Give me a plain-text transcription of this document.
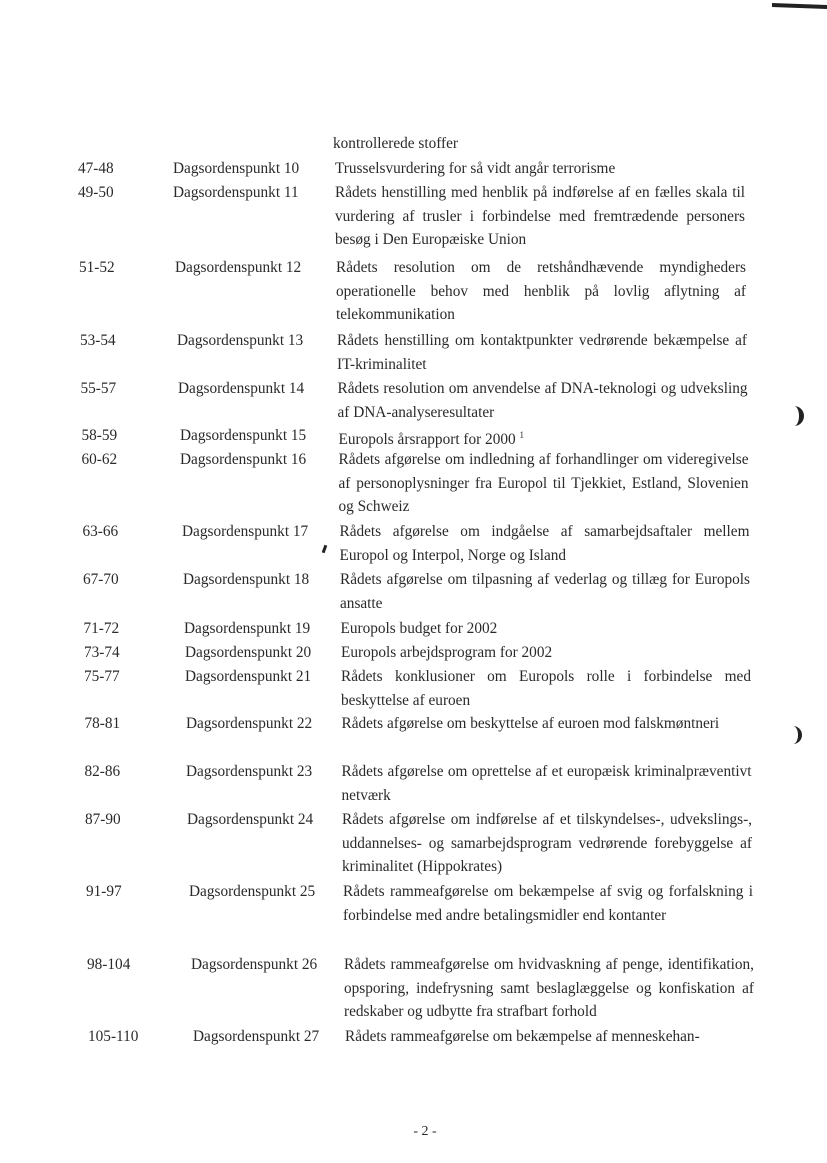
kontrollerede stoffer
47-48	Dagsordenspunkt 10	Trusselsvurdering for så vidt angår terrorisme
49-50	Dagsordenspunkt 11	Rådets henstilling med henblik på indførelse af en fælles skala til vurdering af trusler i forbindelse med fremtrædende personers besøg i Den Europæiske Union
51-52	Dagsordenspunkt 12	Rådets resolution om de retshåndhævende myndigheders operationelle behov med henblik på lovlig aflytning af telekommunikation
53-54	Dagsordenspunkt 13	Rådets henstilling om kontaktpunkter vedrørende bekæmpelse af IT-kriminalitet
55-57	Dagsordenspunkt 14	Rådets resolution om anvendelse af DNA-teknologi og udveksling af DNA-analyseresultater
58-59	Dagsordenspunkt 15	Europols årsrapport for 2000 $^1$
60-62	Dagsordenspunkt 16	Rådets afgørelse om indledning af forhandlinger om videregivelse af personoplysninger fra Europol til Tjekkiet, Estland, Slovenien og Schweiz
63-66	Dagsordenspunkt 17	Rådets afgørelse om indgåelse af samarbejdsaftaler mellem Europol og Interpol, Norge og Island
67-70	Dagsordenspunkt 18	Rådets afgørelse om tilpasning af vederlag og tillæg for Europols ansatte
71-72	Dagsordenspunkt 19	Europols budget for 2002
73-74	Dagsordenspunkt 20	Europols arbejdsprogram for 2002
75-77	Dagsordenspunkt 21	Rådets konklusioner om Europols rolle i forbindelse med beskyttelse af euroen
78-81	Dagsordenspunkt 22	Rådets afgørelse om beskyttelse af euroen mod falskmøntneri
82-86	Dagsordenspunkt 23	Rådets afgørelse om oprettelse af et europæisk kriminalpræventivt netværk
87-90	Dagsordenspunkt 24	Rådets afgørelse om indførelse af et tilskyndelses-, udvekslings-, uddannelses- og samarbejdsprogram vedrørende forebyggelse af kriminalitet (Hippokrates)
91-97	Dagsordenspunkt 25	Rådets rammeafgørelse om bekæmpelse af svig og forfalskning i forbindelse med andre betalingsmidler end kontanter
98-104	Dagsordenspunkt 26	Rådets rammeafgørelse om hvidvaskning af penge, identifikation, opsporing, indefrysning samt beslaglæggelse og konfiskation af redskaber og udbytte fra strafbart forhold
105-110	Dagsordenspunkt 27	Rådets rammeafgørelse om bekæmpelse af menneskehan-
- 2 -
